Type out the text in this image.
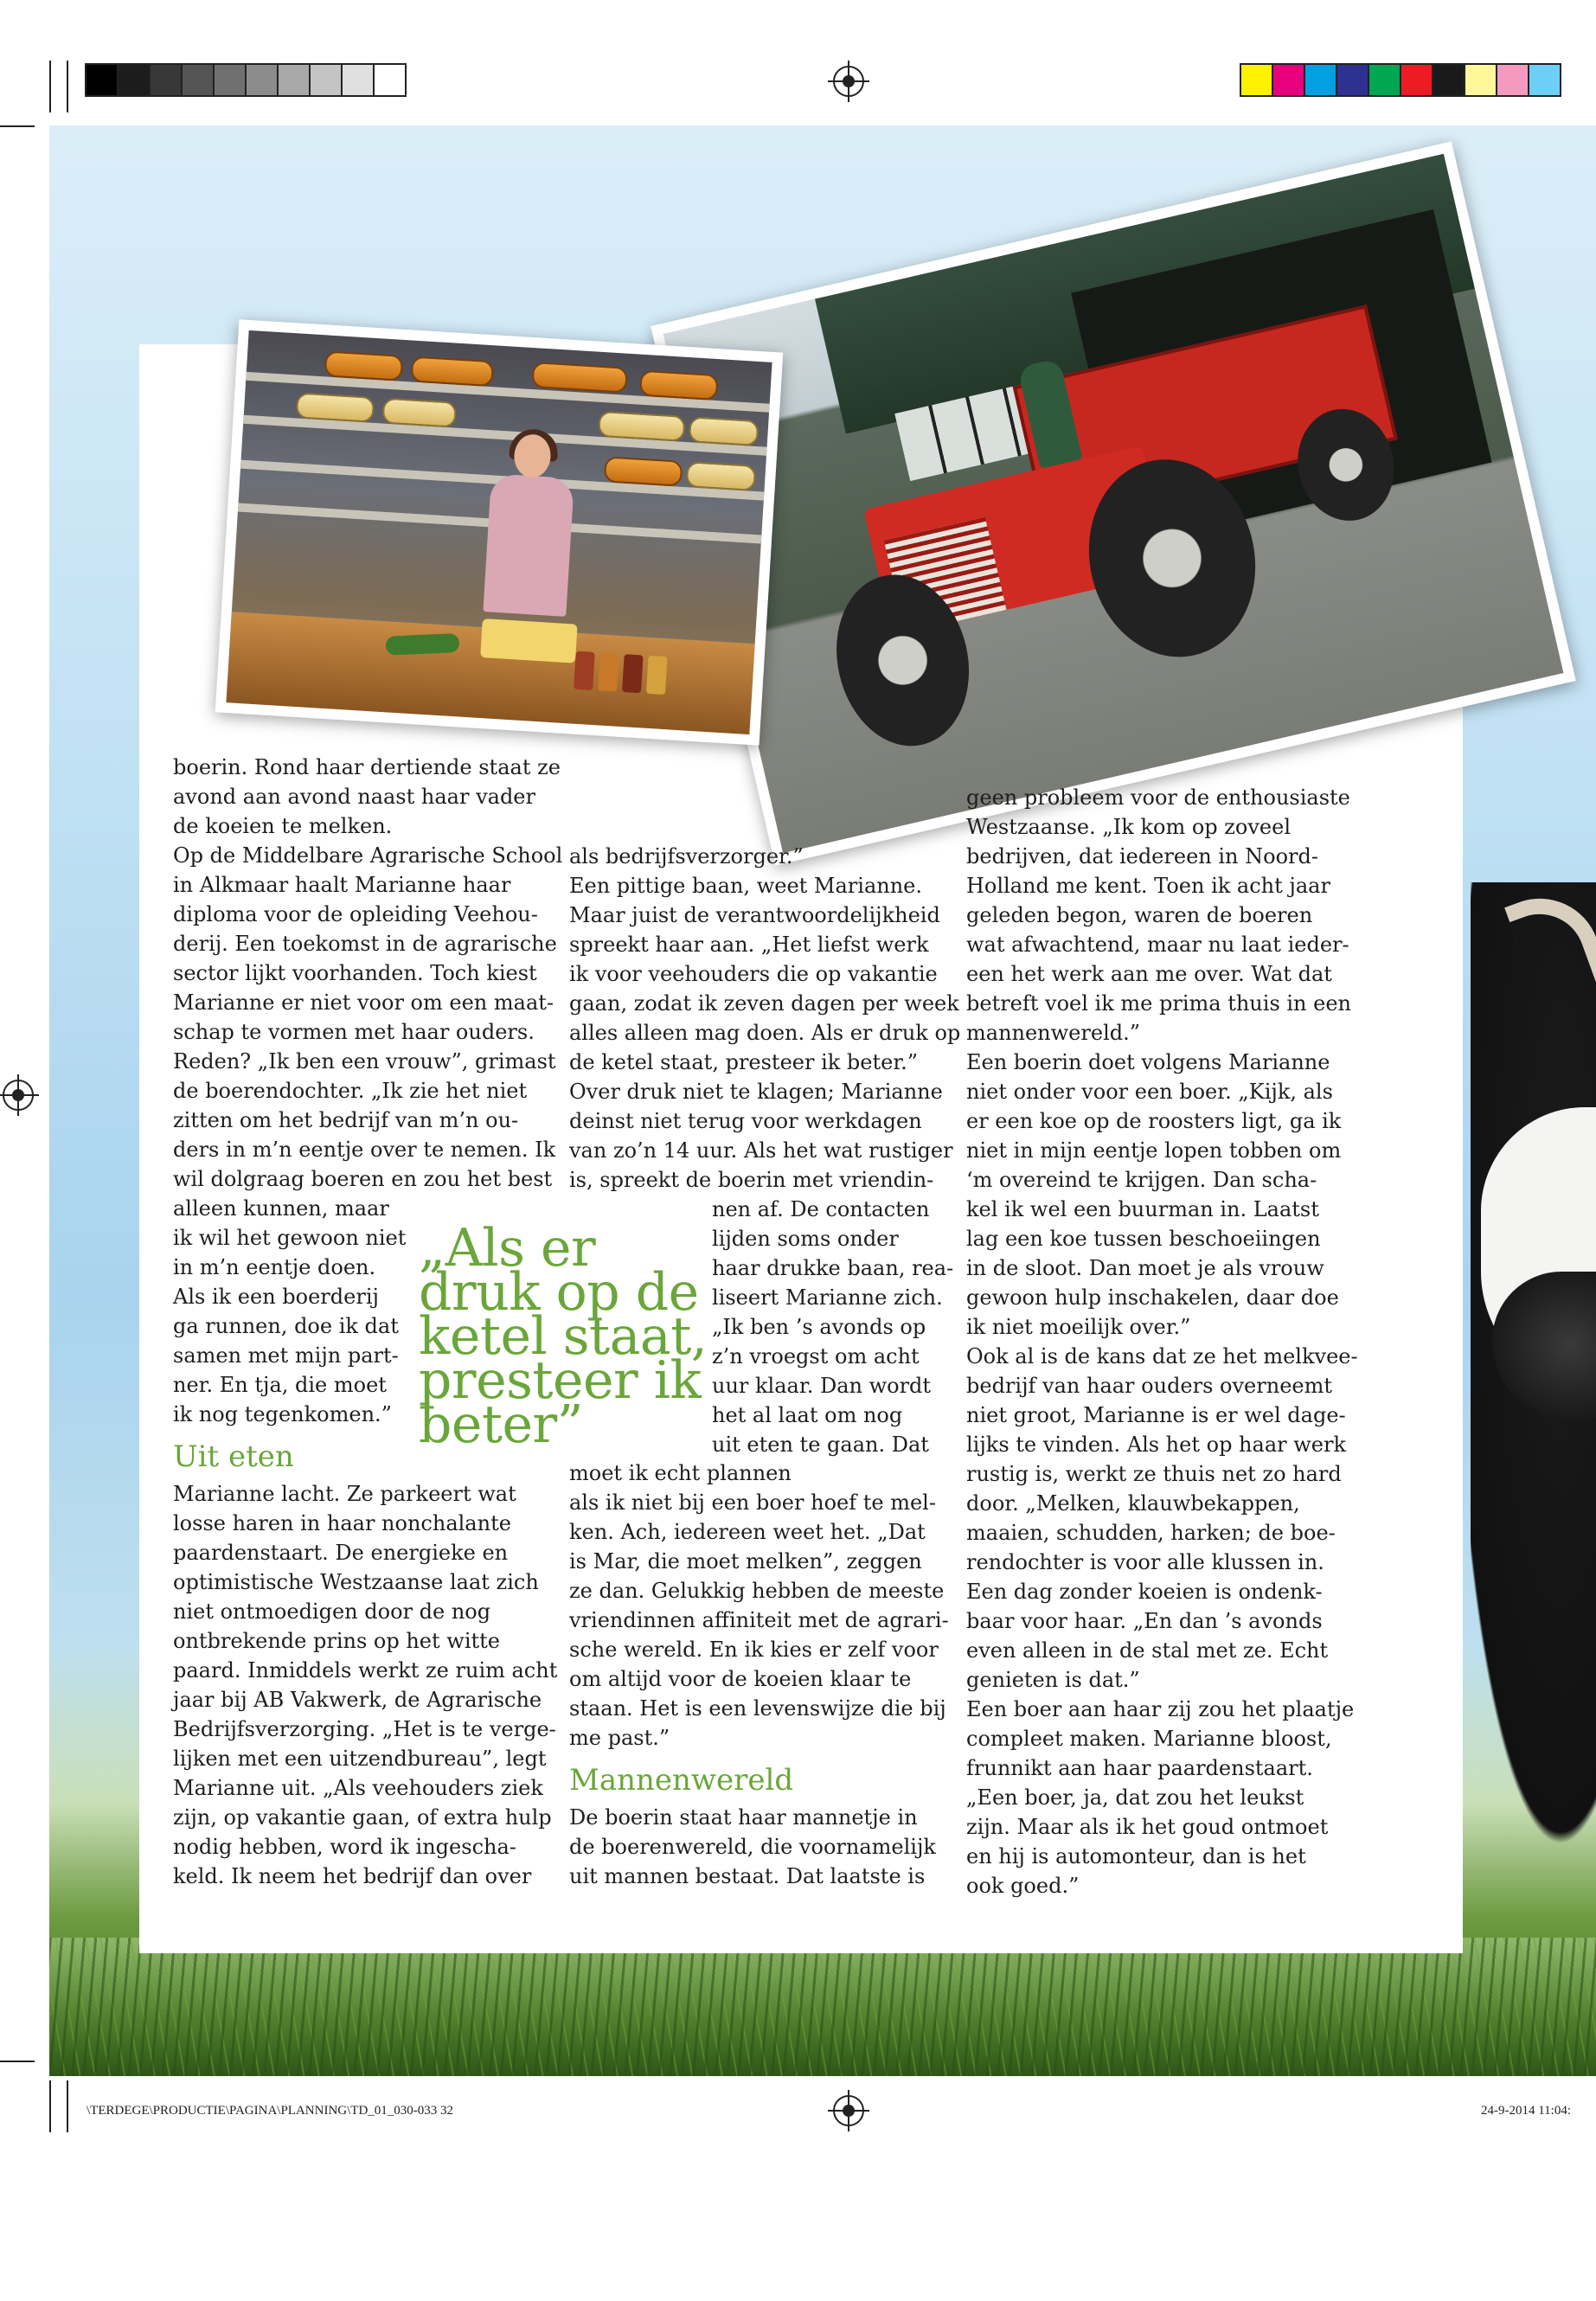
boerin. Rond haar dertiende staat
avond aan avond naast haar vader
de koeien te melken.
Op de Middelbare Agrarische School
in Alkmaar haalt Marianne haar
diploma voor de opleiding Veehou-
derij. Een toekomst in de agrarische
sector lijkt voorhanden. Toch kiest
Marianne er niet voor om een maat-
schap te vormen met haar ouders.
Reden? „Ik ben een vrouw”, grimast
de boerendochter. „Ik zie het niet
zitten om het bedrijf van m’n ou-
ders in m’n eentje over te nemen.
wil dolgraag boeren en zou het best
alleen kunnen, maar
ik wil het gewoon niet
in m’n eentje doen.
Als ik een boerderij
ga runnen, doe ik dat
samen met mijn part-
ner. En tja, die moet
ik nog tegenkomen.”

Uit eten

Marianne lacht. Ze parkeert wat
losse haren in haar nonchalante
paardenstaart. De energieke en
optimistische Westzaanse laat zich
niet ontmoedigen door de nog
ontbrekende prins op het witte
paard. Inmiddels werkt ze ruim acht
jaar bij AB Vakwerk, de Agrarische
Bedrijfsverzorging. „Het is te verge-
lijken met een uitzendbureau”, legt
Marianne uit. „Als veehouders ziek
zijn, op vakantie gaan, of extra hulp
nodig hebben, word ik ingescha-
keld. Ik neem het bedrijf dan over

„Als er
druk op de
ketel staat,
presteer ik
beter”

als bedrijfsverzorger.”
Een pittige baan, weet Marianne.
Maar juist de verantwoordelijkheid
spreekt haar aan. „Het liefst werk
ik voor veehouders die op vakantie
gaan, zodat ik zeven dagen per week
alles alleen mag doen. Als er druk op
de ketel staat, presteer ik beter.”
Over druk niet te klagen; Marianne
deinst niet terug voor werkdagen
van zo’n 14 uur. Als het wat rustiger
is, spreekt de boerin met vriendin-

nen af. De contacten
lijden soms onder
haar drukke baan, rea-
liseert Marianne zich.
„Ik ben ’s avonds op
z’n vroegst om acht
uur klaar. Dan wordt
het al laat om nog
uit eten te gaan. Dat

moet ik echt plannen
als ik niet bij een boer hoef te mel-
ken. Ach, iedereen weet het. „Dat
is Mar, die moet melken”, zeggen
ze dan. Gelukkig hebben de meeste
vriendinnen affiniteit met de agrari-
sche wereld. En ik kies er zelf voor
om altijd voor de koeien klaar te
staan. Het is een levenswijze die bij
me past.”

Mannenwereld

De boerin staat haar mannetje in
de boerenwereld, die voornamelijk
uit mannen bestaat. Dat laatste is

geen probleem voor de enthousiaste
Westzaanse. „Ik kom op zoveel
bedrijven, dat iedereen in Noord-
Holland me kent. Toen ik acht jaar
geleden begon, waren de boeren
wat afwachtend, maar nu laat ieder-
een het werk aan me over. Wat dat
betreft voel ik me prima thuis in een
mannenwereld.”
Een boerin doet volgens Marianne
niet onder voor een boer. „Kijk, als
er een koe op de roosters ligt, ga ik
niet in mijn eentje lopen tobben om
‘m overeind te krijgen. Dan scha-
kel ik wel een buurman in. Laatst
lag een koe tussen beschoeiingen
in de sloot. Dan moet je als vrouw
gewoon hulp inschakelen, daar doe
ik niet moeilijk over.”
Ook al is de kans dat ze het melkvee-
bedrijf van haar ouders overneemt
niet groot, Marianne is er wel dage-
lijks te vinden. Als het op haar werk
rustig is, werkt ze thuis net zo hard
door. „Melken, klauwbekappen,
maaien, schudden, harken; de boe-
rendochter is voor alle klussen in.
Een dag zonder koeien is ondenk-
baar voor haar. „En dan ’s avonds
even alleen in de stal met ze. Echt
genieten is dat.”
Een boer aan haar zij zou het plaatje
compleet maken. Marianne bloost,
frunnikt aan haar paardenstaart.
„Een boer, ja, dat zou het leukst
zijn. Maar als ik het goud ontmoet
en hij is automonteur, dan is het
ook goed.”

\TERDEGE\PRODUCTIE\PAGINA\PLANNING\TD_01_030-033 32	24-9-2014 11:04:
